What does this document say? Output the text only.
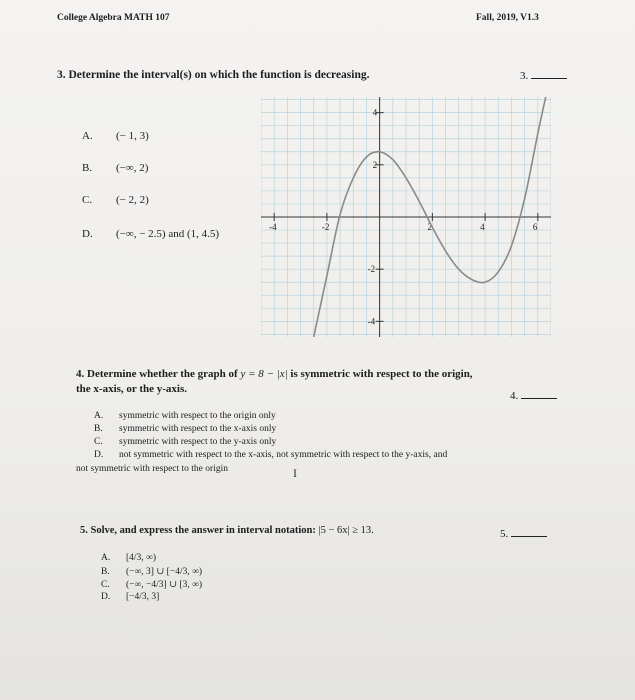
College Algebra MATH 107	Fall, 2019, V1.3
3. Determine the interval(s) on which the function is decreasing.	3.
A. (− 1, 3)
B. (−∞, 2)
C. (− 2, 2)
D. (−∞, − 2.5) and (1, 4.5)
-4	-2	2	4	6
4
2
-2
-4
4. Determine whether the graph of y = 8 − |x| is symmetric with respect to the origin,
the x-axis, or the y-axis.
4.
A. symmetric with respect to the origin only
B. symmetric with respect to the x-axis only
C. symmetric with respect to the y-axis only
D. not symmetric with respect to the x-axis, not symmetric with respect to the y-axis, and
not symmetric with respect to the origin	Ι
5. Solve, and express the answer in interval notation: |5 − 6x| ≥ 13.	5.
A. [4/3, ∞)
B. (−∞, 3] ∪ [−4/3, ∞)
C. (−∞, −4/3] ∪ [3, ∞)
D. [−4/3, 3]
